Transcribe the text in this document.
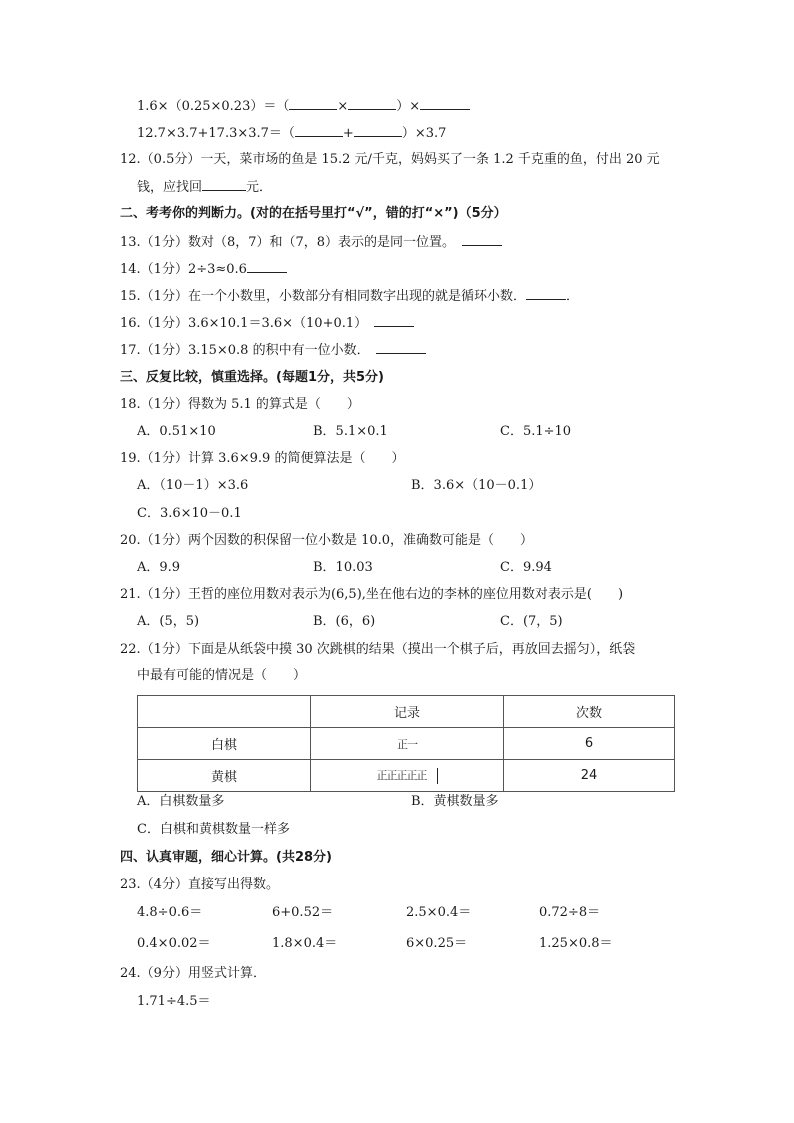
1.6×（0.25×0.23）＝（	×	）×
12.7×3.7+17.3×3.7＝（	+	）×3.7
12.（0.5分）一天，菜市场的鱼是 15.2 元/千克，妈妈买了一条 1.2 千克重的鱼，付出 20 元
钱，应找回	元．
二、考考你的判断力。(对的在括号里打“√”，错的打“×”)（5分）
13.（1分）数对（8，7）和（7，8）表示的是同一位置。　
14.（1分）2÷3≈0.6
15.（1分）在一个小数里，小数部分有相同数字出现的就是循环小数．	．
16.（1分）3.6×10.1＝3.6×（10+0.1）　
17.（1分）3.15×0.8 的积中有一位小数．　
三、反复比较，慎重选择。(每题1分，共5分)
18.（1分）得数为 5.1 的算式是（　　）
A．0.51×10	B．5.1×0.1	C．5.1÷10
19.（1分）计算 3.6×9.9 的简便算法是（　　）
A．（10－1）×3.6	B．3.6×（10－0.1）
C．3.6×10－0.1
20.（1分）两个因数的积保留一位小数是 10.0，准确数可能是（　　）
A．9.9	B．10.03	C．9.94
21.（1分）王哲的座位用数对表示为(6,5),坐在他右边的李林的座位用数对表示是(　　)
A．(5，5)	B．(6，6)	C．(7，5)
22.（1分）下面是从纸袋中摸 30 次跳棋的结果（摸出一个棋子后，再放回去摇匀），纸袋
中最有可能的情况是（　　）
	记录	次数
白棋	正一	6
黄棋	正正正正正	24
A．白棋数量多	B．黄棋数量多
C．白棋和黄棋数量一样多
四、认真审题，细心计算。(共28分)
23.（4分）直接写出得数。
4.8÷0.6＝	6+0.52＝	2.5×0.4＝	0.72÷8＝
0.4×0.02＝	1.8×0.4＝	6×0.25＝	1.25×0.8＝
24.（9分）用竖式计算．
1.71÷4.5＝
